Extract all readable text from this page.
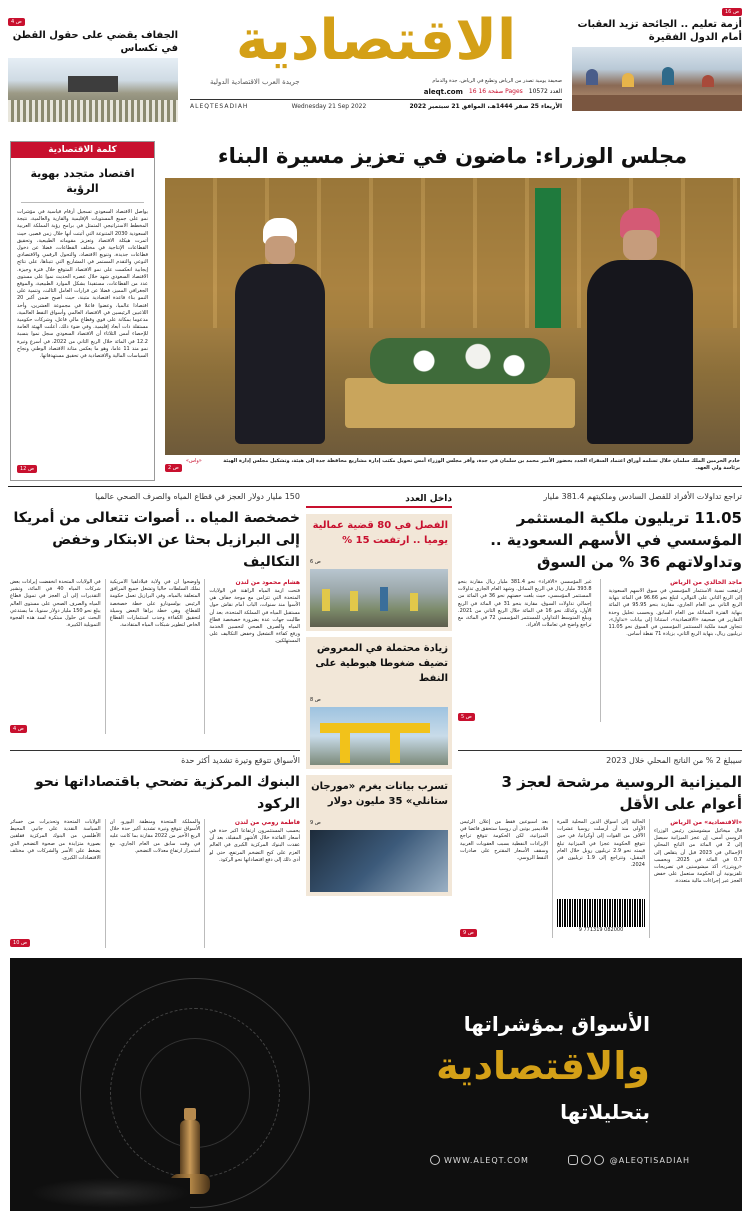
ص 16
أزمة تعليم .. الجائحة تزيد العقبات أمام الدول الفقيرة
ص 4
الجفاف يقضي على حقول القطن في تكساس	الاقتصادية
جريدة العرب الاقتصادية الدولية	صحيفة يومية تصدر من الرياض وتطبع في الرياض، جدة والدمام
aleqt.com 16 صفحة 16 Pages العدد 10572
ALEQTESADIAH	Wednesday 21 Sep 2022	الأربعاء 25 صفر 1444هـ، الموافق 21 سبتمبر 2022
كلمة الاقتصادية
اقتصاد متجدد بهوية الرؤية
يواصل الاقتصاد السعودي تسجيل أرقام قياسية في مؤشرات نمو على جميع المستويات الإقليمية والقارية والعالمية، نتيجة المخطط الاستراتيجي المتمثل في برامج رؤية المملكة العربية السعودية 2030 المتنوعة التي أثبتت أنها خلال زمن قصير، حيث أثمرت هيكلة الاقتصاد وتعزيز مقوماته الطبيعية، وتحقيق القطاعات الإنتاجية في مختلف القطاعات، فضلا عن دخول قطاعات جديدة، وتنويع الاقتصاد، والتحول الرقمي والاقتصادي النوعي والتقدم المستمر في المشاريع التي تتبناها، على نتائج إيجابية انعكست على نمو الاقتصاد المتوقع خلال فترة وجيزة. الاقتصاد السعودي شهد خلال عصره الحديث نموا على مستوى عدد من القطاعات، مستفيدا بشكل الموارد الطبيعية، والموقع الجغرافي المميز، فضلا عن قرارات العامل الثالث، وتنمية على النمو بناء قاعدة اقتصادية متينة، حيث أصبح ضمن أكبر 20 اقتصادا عالميا، وعضوا فاعلا في مجموعة العشرين، وأحد اللاعبين الرئيسين في الاقتصاد العالمي وأسواق النفط العالمية، مدعوما بمكانة على قوي وقطاع مالي فاعل، وشركات حكومية مستقلة ذات أبعاد إقليمية. وفي ضوء ذلك، أعلنت الهيئة العامة للإحصاء أمس الثلاثاء أن الاقتصاد السعودي سجل نموا بنسبة 12.2 في المائة خلال الربع الثاني من 2022، في أسرع وتيرة نمو منذ 11 عاما، وهو ما يعكس متانة الاقتصاد الوطني ونجاح السياسات المالية والاقتصادية في تحقيق مستهدفاتها.
ص 12
مجلس الوزراء: ماضون في تعزيز مسيرة البناء
خادم الحرمين الملك سلمان خلال تسلمه أوراق اعتماد السفراء الجدد بحضور الأمير محمد بن سلمان في جدة، وأقر مجلس الوزراء أمس تحويل مكتب إدارة مشاريع محافظة جدة إلى هيئة، وتشكيل مجلس إدارة الهيئة برئاسة ولي العهد.
«واس»
ص 2
تراجع تداولات الأفراد للفصل السادس وملكيتهم 381.4 مليار
11.05 تريليون ملكية المستثمر المؤسسي في الأسهم السعودية .. وتداولاتهم 36 % من السوق
ماجد الخالدي من الرياض
ارتفعت نسبة الاستثمار المؤسسي في سوق الأسهم السعودية إلى الربع الثاني على التوالي، لتبلغ نحو 96.66 في المائة بنهاية الربع الثاني من العام الجاري، مقارنة بنحو 95.95 في المائة بنهاية الفترة المماثلة من العام السابق. وبحسب تحليل وحدة التقارير في صحيفة «الاقتصادية»، استنادا إلى بيانات «تداول»، تتجاوز قيمة ملكية المستثمر المؤسسي في السوق نحو 11.05 تريليون ريال، بنهاية الربع الثاني، بزيادة 71 نقطة أساس.
غير المؤسسي «الأفراد» نحو 381.4 مليار ريال مقارنة بنحو 393.8 مليار ريال في الربع المماثل. وشهد العام الجاري تداولات المستثمر المؤسسي، حيث بلغت حصتهم نحو 36 في المائة من إجمالي تداولات السوق، مقارنة بنحو 31 في المائة في الربع الأول، وكذلك نحو 16 في المائة خلال الربع الثاني من 2021. ويبلغ المتوسط التداولي للمستثمر المؤسسي 72 في المائة، مع تراجع واضح في تعاملات الأفراد.
ص 5
داخل العدد
الفصل في 80 قضية عمالية يوميا .. ارتفعت 15 %
ص 6
زيادة محتملة في المعروض تضيف ضغوطا هبوطية على النفط
ص 8
تسرب بيانات يغرم «مورجان ستانلي» 35 مليون دولار
ص 9
150 مليار دولار العجز في قطاع المياه والصرف الصحي عالميا
خصخصة المياه .. أصوات تتعالى من أمريكا إلى البرازيل بحثا عن الابتكار وخفض التكاليف
هشام محمود من لندن
فتحت أزمة المياه الراهنة في الولايات المتحدة التي تتزامن مع موجة جفاف هي الأسوأ منذ سنوات، الباب أمام نقاش حول مستقبل المياه في المملكة المتحدة، بعد أن طالبت جهات عدة بضرورة خصخصة قطاع المياه والصرف الصحي لتحسين الخدمة ورفع كفاءة التشغيل وخفض التكاليف على المستهلكين.
وأوضحوا أن في ولاية فيلادلفيا الأمريكية تملك السلطات حاليا وتشغل جميع المرافق المتعلقة بالمياه، وفي البرازيل تعمل حكومة الرئيس بولسونارو على خطة خصخصة للقطاع، وهي خطة يراها البعض وسيلة لتحقيق الكفاءة وجذب استثمارات القطاع الخاص لتطوير شبكات المياه المتقادمة.
في الولايات المتحدة انخفضت إيرادات بعض شركات المياه 40 في المائة، وتشير التقديرات إلى أن العجز في تمويل قطاع المياه والصرف الصحي على مستوى العالم يبلغ نحو 150 مليار دولار سنويا، ما يستدعي البحث عن حلول مبتكرة لسد هذه الفجوة التمويلية الكبيرة.
ص 4
سيبلغ 2 % من الناتج المحلي خلال 2023
الميزانية الروسية مرشحة لعجز 3 أعوام على الأقل
«الاقتصادية» من الرياض
قال ميخائيل ميشوستين رئيس الوزراء الروسي أمس، إن عجز الميزانية سيصل إلى 2 في المائة من الناتج المحلي الإجمالي في 2023 قبل أن يتقلص إلى 0.7 في المائة في 2025. وبحسب «رويترز»، أكد ميشوستين في تصريحات تلفزيونية أن الحكومة ستعمل على خفض العجز عبر إجراءات مالية متعددة.
الحالية إلى أسواق الدين المحلية للمرة الأولى منذ أن أرسلت روسيا عشرات الآلاف من القوات إلى أوكرانيا، في حين تتوقع الحكومة عجزا في الميزانية تبلغ قيمته نحو 2.9 تريليون روبل خلال العام المقبل، وتتراجع إلى 1.9 تريليون في 2024.
9 771319 082000
بعد أسبوعين فقط من إعلان الرئيس فلاديمير بوتين أن روسيا ستحقق فائضا في الميزانية، لكن الحكومة تتوقع تراجع الإيرادات النفطية بسبب العقوبات الغربية وسقف الأسعار المقترح على صادرات النفط الروسي.
ص 9
الأسواق تتوقع وتيرة تشديد أكثر حدة
البنوك المركزية تضحي باقتصاداتها نحو الركود
فاطمة رومي من لندن
يحسب المستثمرون ارتفاعا أكبر حدة في أسعار الفائدة خلال الأشهر المقبلة، بعد أن عقدت البنوك المركزية الكبرى في العالم العزم على كبح التضخم المرتفع، حتى لو أدى ذلك إلى دفع اقتصاداتها نحو الركود.
والمملكة المتحدة ومنطقة اليورو، أن الأسواق تتوقع وتيرة تشديد أكبر حدة خلال الربع الأخير من 2022 مقارنة بما كانت عليه في وقت سابق من العام الجاري، مع استمرار ارتفاع معدلات التضخم.
الولايات المتحدة وتحذيرات من خسائر السياسة النقدية على جانبي المحيط الأطلسي من البنوك المركزية فقلقين بصورة متزايدة من صحوة التضخم الذي يضغط على الأسر والشركات في مختلف الاقتصادات الكبرى.
ص 10
الأسواق بمؤشراتها
والاقتصادية
بتحليلاتها
WWW.ALEQT.COM	@ALEQTISADIAH
